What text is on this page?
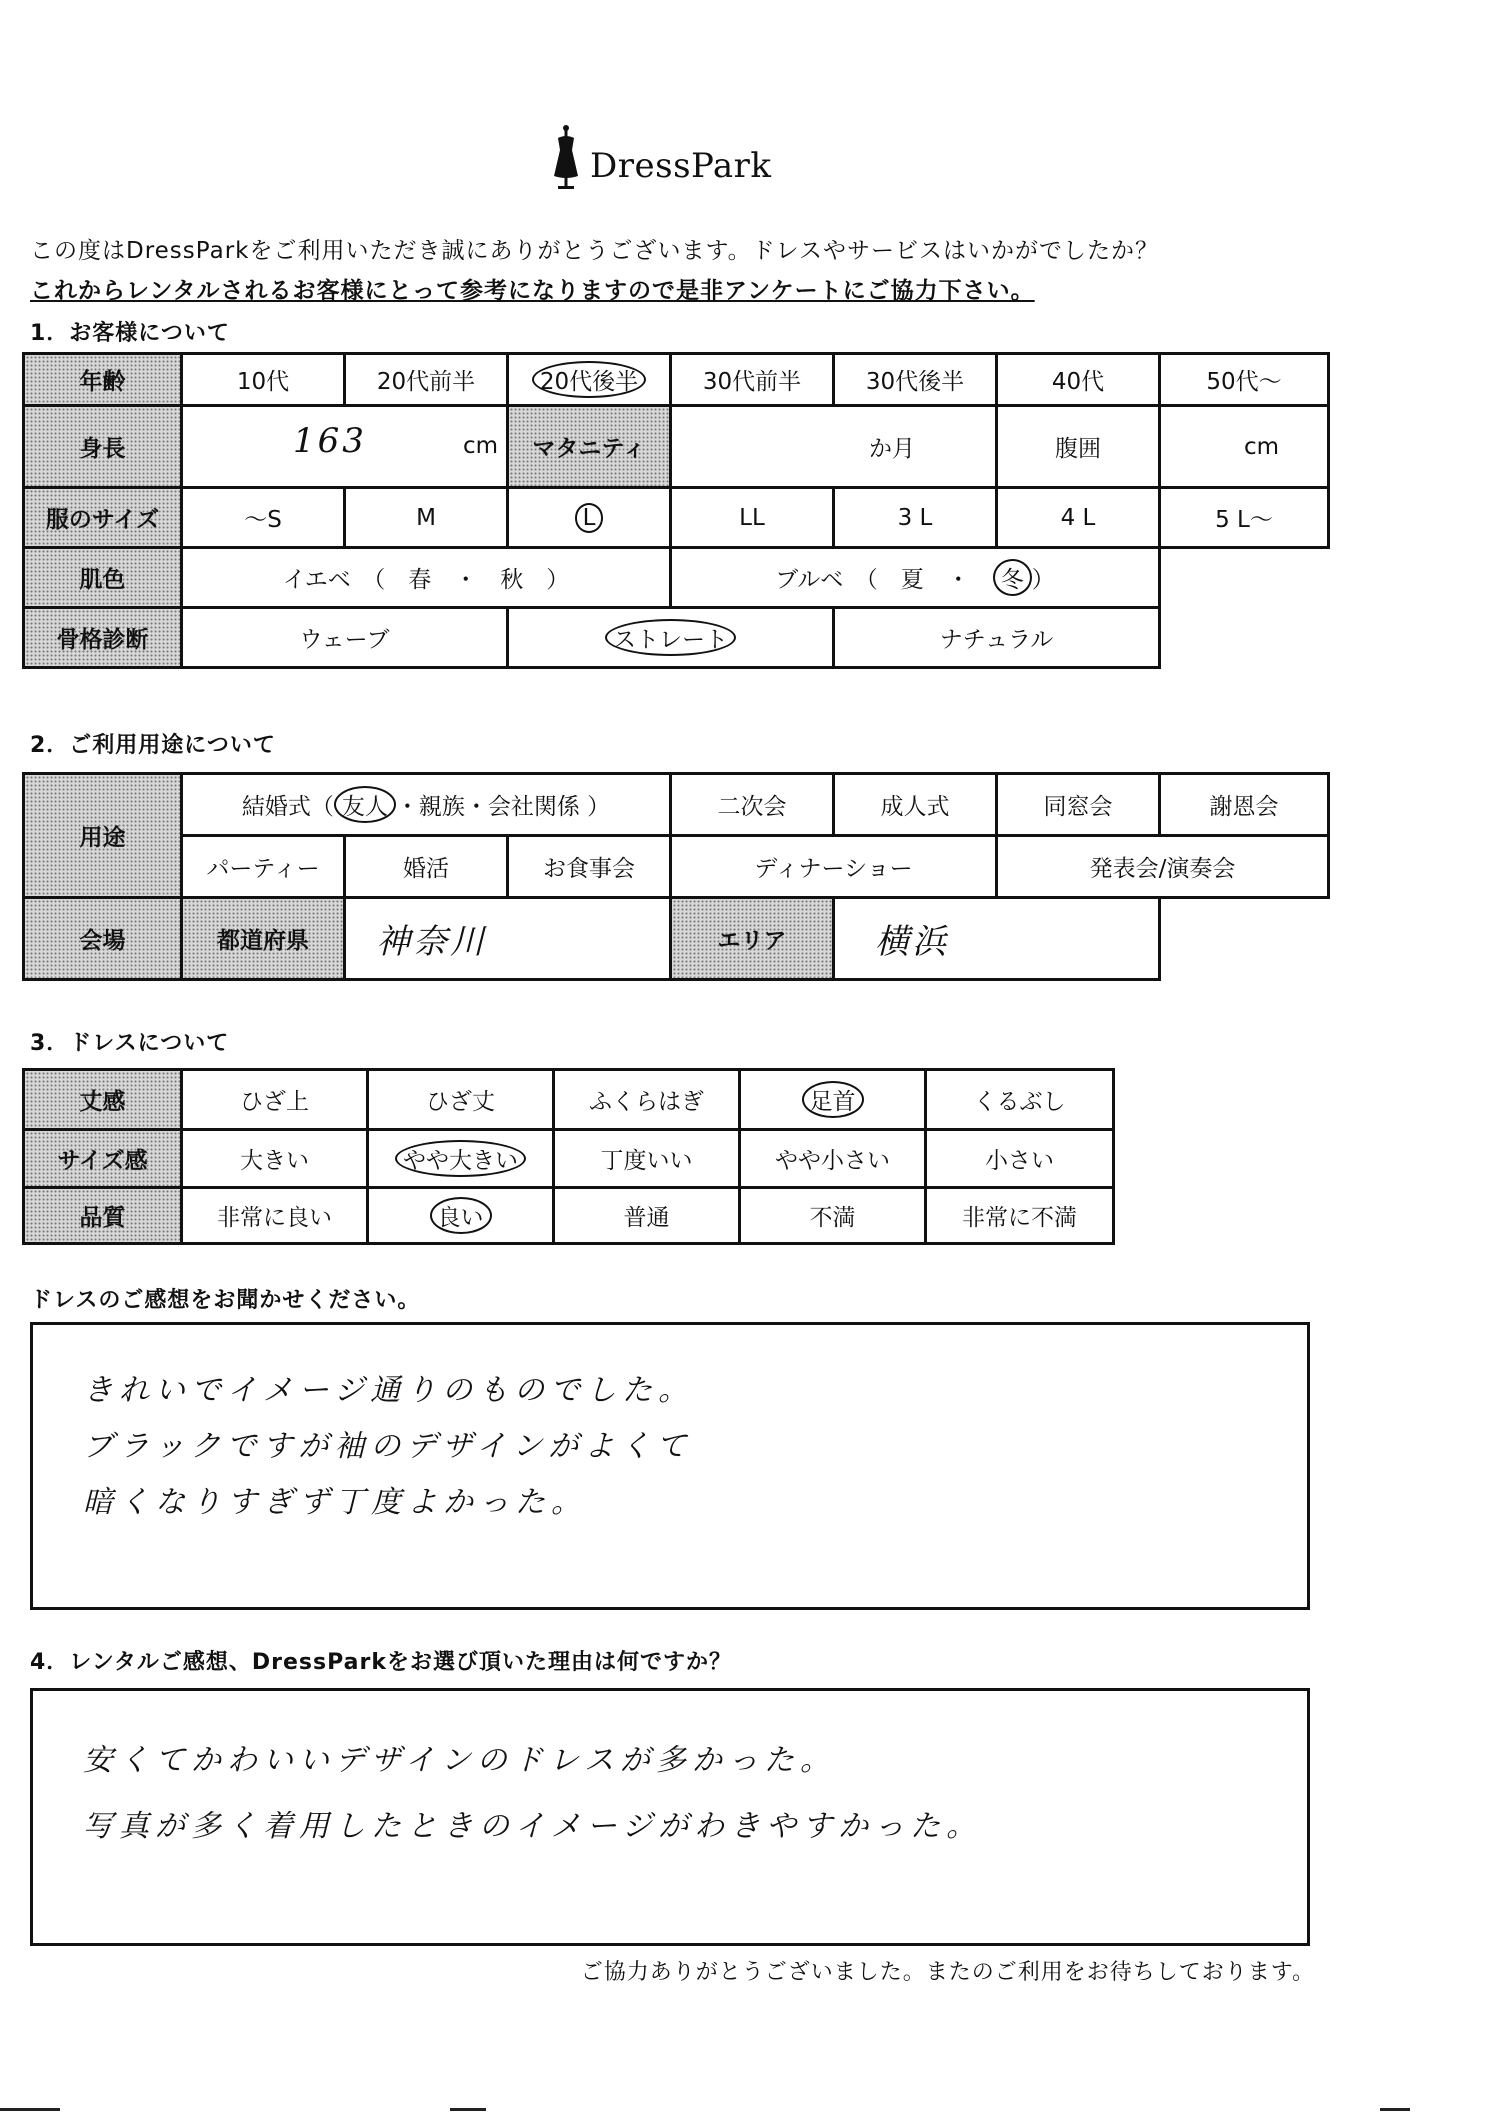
DressPark
この度はDressParkをご利用いただき誠にありがとうございます。ドレスやサービスはいかがでしたか？
これからレンタルされるお客様にとって参考になりますので是非アンケートにご協力下さい。
1．お客様について
年齢	10代	20代前半	20代後半	30代前半	30代後半	40代	50代～
身長	163 cm		マタニティ	か月		腹囲	cm
服のサイズ	～S	M	L	LL	3 L	4 L	5 L～
肌色	イエベ　（　春　・　秋　）			ブルベ　（　夏　・　冬 ）			
骨格診断	ウェーブ		ストレート		ナチュラル		
2．ご利用用途について
用途	結婚式（ 友人 ・親族・会社関係 ）			二次会	成人式	同窓会	謝恩会
	パーティー	婚活	お食事会	ディナーショー		発表会/演奏会	
会場	都道府県	神奈川		エリア	横浜		
3．ドレスについて
丈感	ひざ上	ひざ丈	ふくらはぎ	足首	くるぶし
サイズ感	大きい	やや大きい	丁度いい	やや小さい	小さい
品質	非常に良い	良い	普通	不満	非常に不満
ドレスのご感想をお聞かせください。
きれいでイメージ通りのものでした。
ブラックですが袖のデザインがよくて
暗くなりすぎず丁度よかった。
4．レンタルご感想、DressParkをお選び頂いた理由は何ですか？
安くてかわいいデザインのドレスが多かった。
写真が多く着用したときのイメージがわきやすかった。
ご協力ありがとうございました。またのご利用をお待ちしております。
